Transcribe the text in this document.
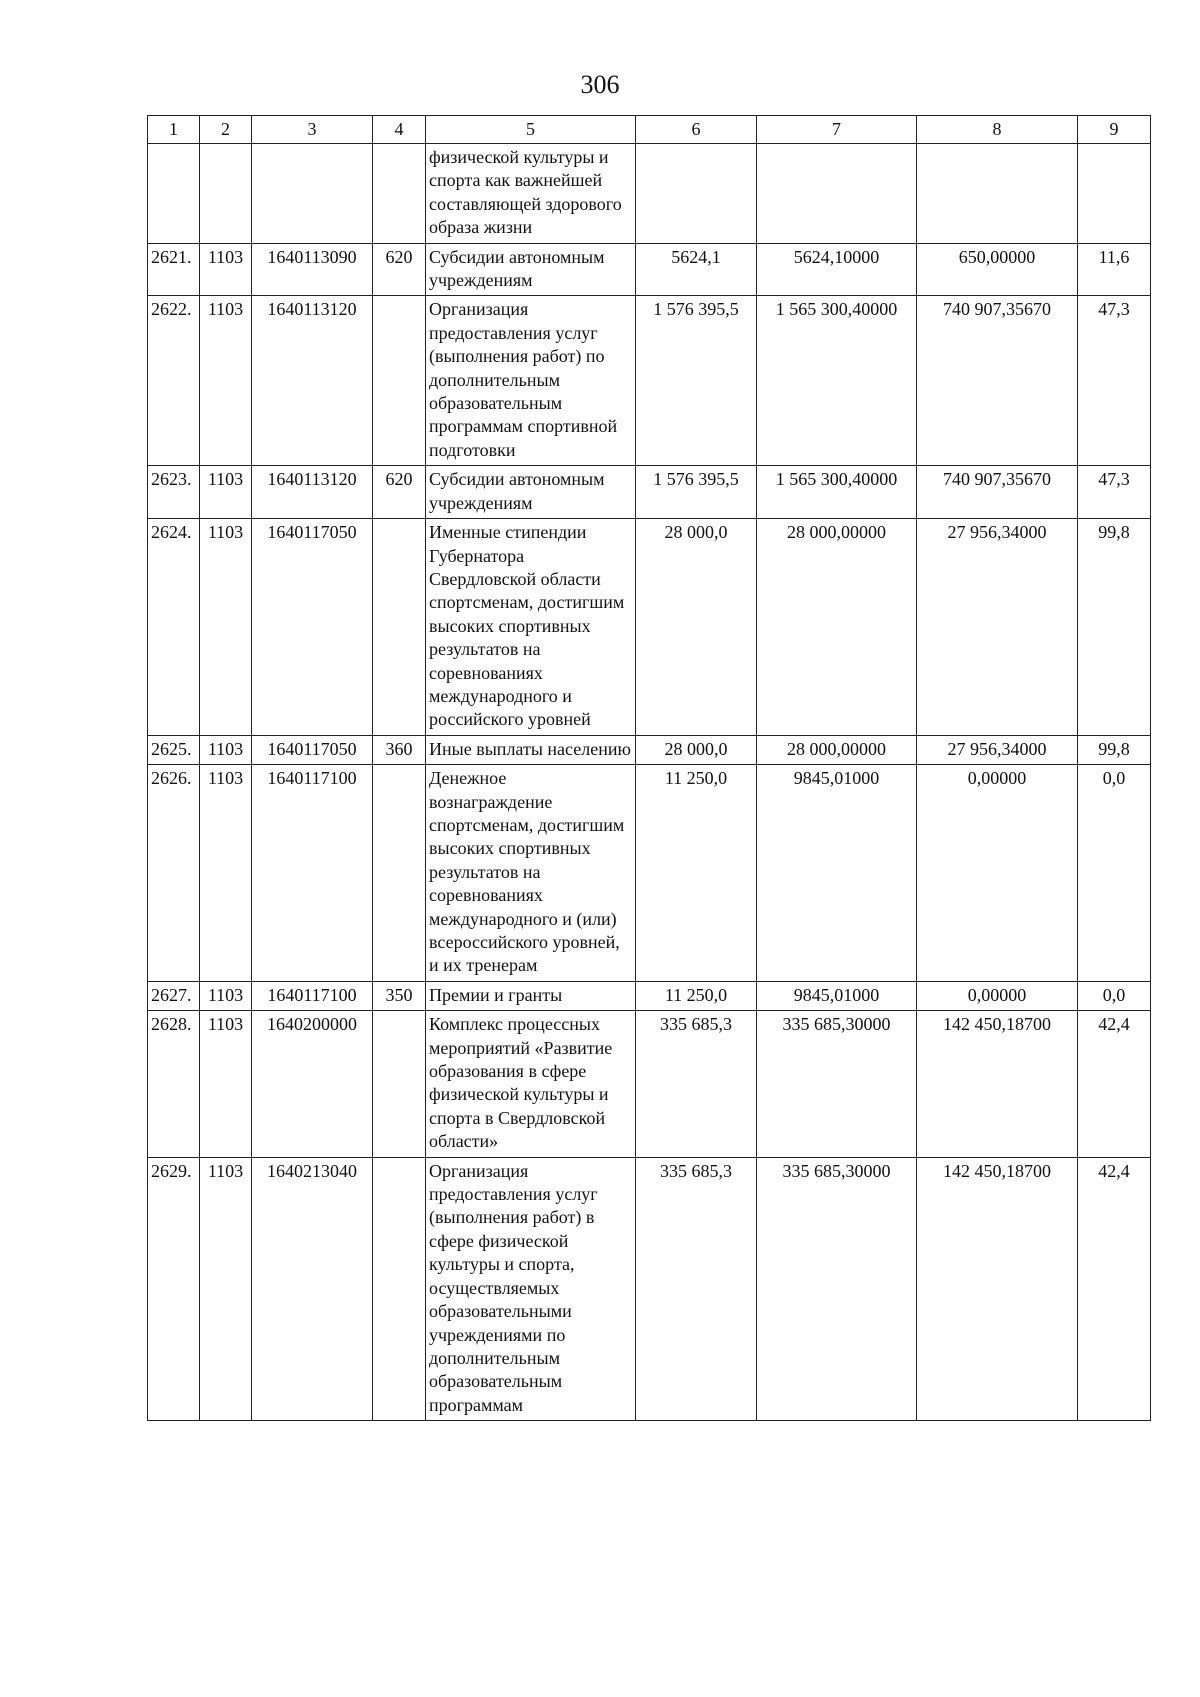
306
1	2	3	4	5	6	7	8	9
				физической культуры и спорта как важнейшей составляющей здорового образа жизни				
2621.	1103	1640113090	620	Субсидии автономным учреждениям	5624,1	5624,10000	650,00000	11,6
2622.	1103	1640113120		Организация предоставления услуг (выполнения работ) по дополнительным образовательным программам спортивной подготовки	1 576 395,5	1 565 300,40000	740 907,35670	47,3
2623.	1103	1640113120	620	Субсидии автономным учреждениям	1 576 395,5	1 565 300,40000	740 907,35670	47,3
2624.	1103	1640117050		Именные стипендии Губернатора Свердловской области спортсменам, достигшим высоких спортивных результатов на соревнованиях международного и российского уровней	28 000,0	28 000,00000	27 956,34000	99,8
2625.	1103	1640117050	360	Иные выплаты населению	28 000,0	28 000,00000	27 956,34000	99,8
2626.	1103	1640117100		Денежное вознаграждение спортсменам, достигшим высоких спортивных результатов на соревнованиях международного и (или) всероссийского уровней, и их тренерам	11 250,0	9845,01000	0,00000	0,0
2627.	1103	1640117100	350	Премии и гранты	11 250,0	9845,01000	0,00000	0,0
2628.	1103	1640200000		Комплекс процессных мероприятий «Развитие образования в сфере физической культуры и спорта в Свердловской области»	335 685,3	335 685,30000	142 450,18700	42,4
2629.	1103	1640213040		Организация предоставления услуг (выполнения работ) в сфере физической культуры и спорта, осуществляемых образовательными учреждениями по дополнительным образовательным программам	335 685,3	335 685,30000	142 450,18700	42,4
